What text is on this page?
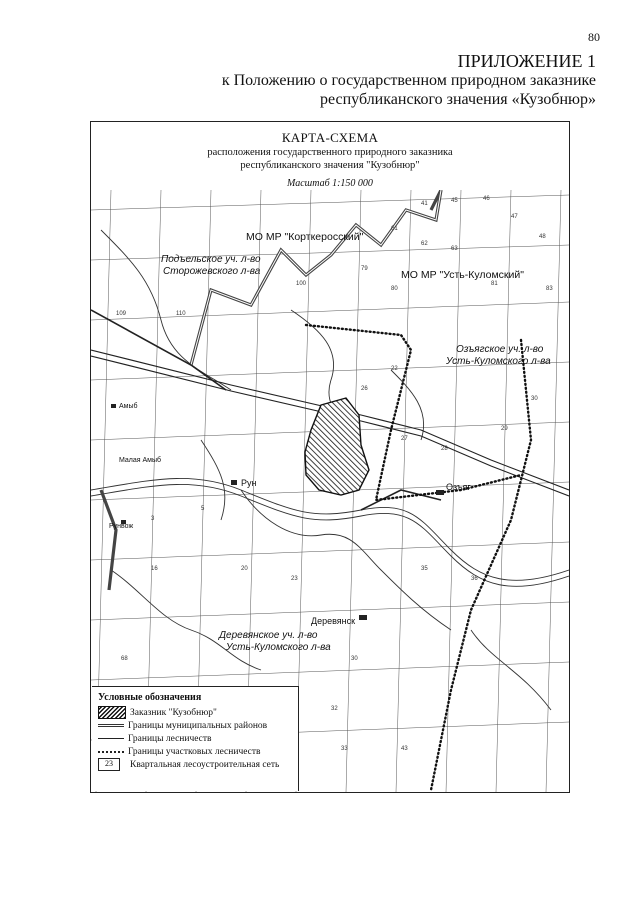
80
ПРИЛОЖЕНИЕ 1
к Положению о государственном природном заказнике
республиканского значения «Кузобнюр»
КАРТА-СХЕМА
расположения государственного природного заказника
республиканского значения "Кузобнюр"
Масштаб 1:150 000
МО МР "Корткеросский"
МО МР "Усть-Куломский"
Подъельское уч. л-во
Сторожевского л-ва
Озъягское уч. л-во
Усть-Куломского л-ва
Деревянское уч. л-во
Усть-Куломского л-ва
Рун	Озъяг
Деревянск
Амыб
Малая Амыб
Рунвож
41	45	46
47
48
61
62
63
79
80
81
83
100
109	110
22
26
27
28
29
30
35
36
3
5
16	20
23
30
32
33	43
68
Условные обозначения
Заказник "Кузобнюр"
Границы муниципальных районов
Границы лесничеств
Границы участковых лесничеств
23	Квартальная лесоустроительная сеть
